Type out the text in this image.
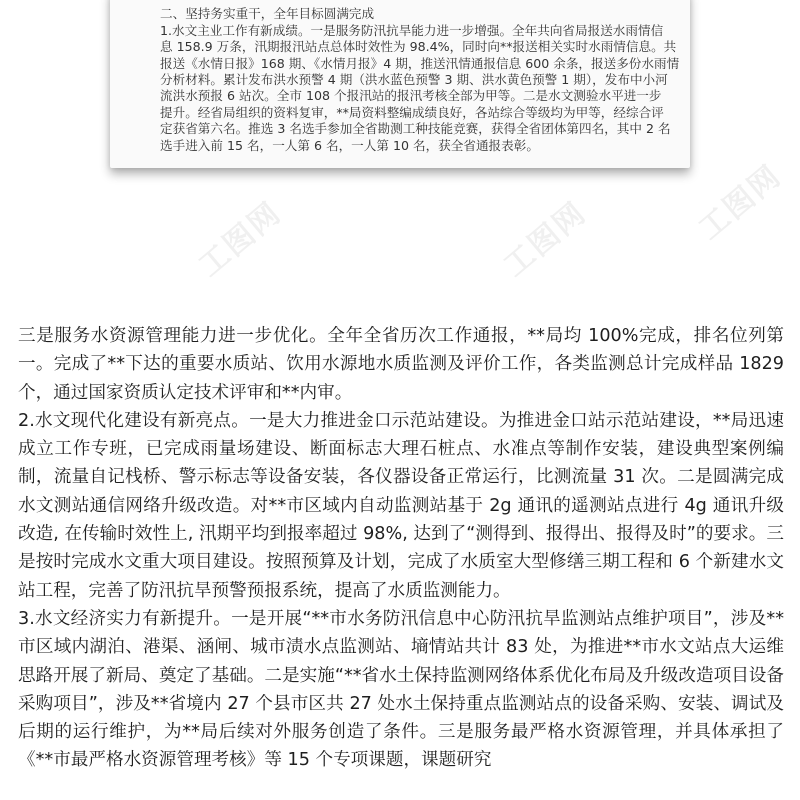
二、坚持务实重干，全年目标圆满完成
1.水文主业工作有新成绩。一是服务防汛抗旱能力进一步增强。全年共向省局报送水雨情信
息 158.9 万条，汛期报汛站点总体时效性为 98.4%，同时向**报送相关实时水雨情信息。共
报送《水情日报》168 期、《水情月报》4 期，推送汛情通报信息 600 余条，报送多份水雨情
分析材料。累计发布洪水预警 4 期（洪水蓝色预警 3 期、洪水黄色预警 1 期），发布中小河
流洪水预报 6 站次。全市 108 个报汛站的报汛考核全部为甲等。二是水文测验水平进一步
提升。经省局组织的资料复审，**局资料整编成绩良好，各站综合等级均为甲等，经综合评
定获省第六名。推选 3 名选手参加全省勘测工种技能竞赛，获得全省团体第四名，其中 2 名
选手进入前 15 名，一人第 6 名，一人第 10 名，获全省通报表彰。
工图网	工图网	工图网

三是服务水资源管理能力进一步优化。全年全省历次工作通报，**局均 100%完成，排名位列第一。完成了**下达的重要水质站、饮用水源地水质监测及评价工作，各类监测总计完成样品 1829 个，通过国家资质认定技术评审和**内审。

2.水文现代化建设有新亮点。一是大力推进金口示范站建设。为推进金口站示范站建设，**局迅速成立工作专班，已完成雨量场建设、断面标志大理石桩点、水准点等制作安装，建设典型案例编制，流量自记栈桥、警示标志等设备安装，各仪器设备正常运行，比测流量 31 次。二是圆满完成水文测站通信网络升级改造。对**市区域内自动监测站基于 2g 通讯的遥测站点进行 4g 通讯升级改造, 在传输时效性上, 汛期平均到报率超过 98%, 达到了“测得到、报得出、报得及时”的要求。三是按时完成水文重大项目建设。按照预算及计划，完成了水质室大型修缮三期工程和 6 个新建水文站工程，完善了防汛抗旱预警预报系统，提高了水质监测能力。

3.水文经济实力有新提升。一是开展“**市水务防汛信息中心防汛抗旱监测站点维护项目”，涉及**市区域内湖泊、港渠、涵闸、城市渍水点监测站、墒情站共计 83 处，为推进**市水文站点大运维思路开展了新局、奠定了基础。二是实施“**省水土保持监测网络体系优化布局及升级改造项目设备采购项目”，涉及**省境内 27 个县市区共 27 处水土保持重点监测站点的设备采购、安装、调试及后期的运行维护，为**局后续对外服务创造了条件。三是服务最严格水资源管理，并具体承担了《**市最严格水资源管理考核》等 15 个专项课题，课题研究
